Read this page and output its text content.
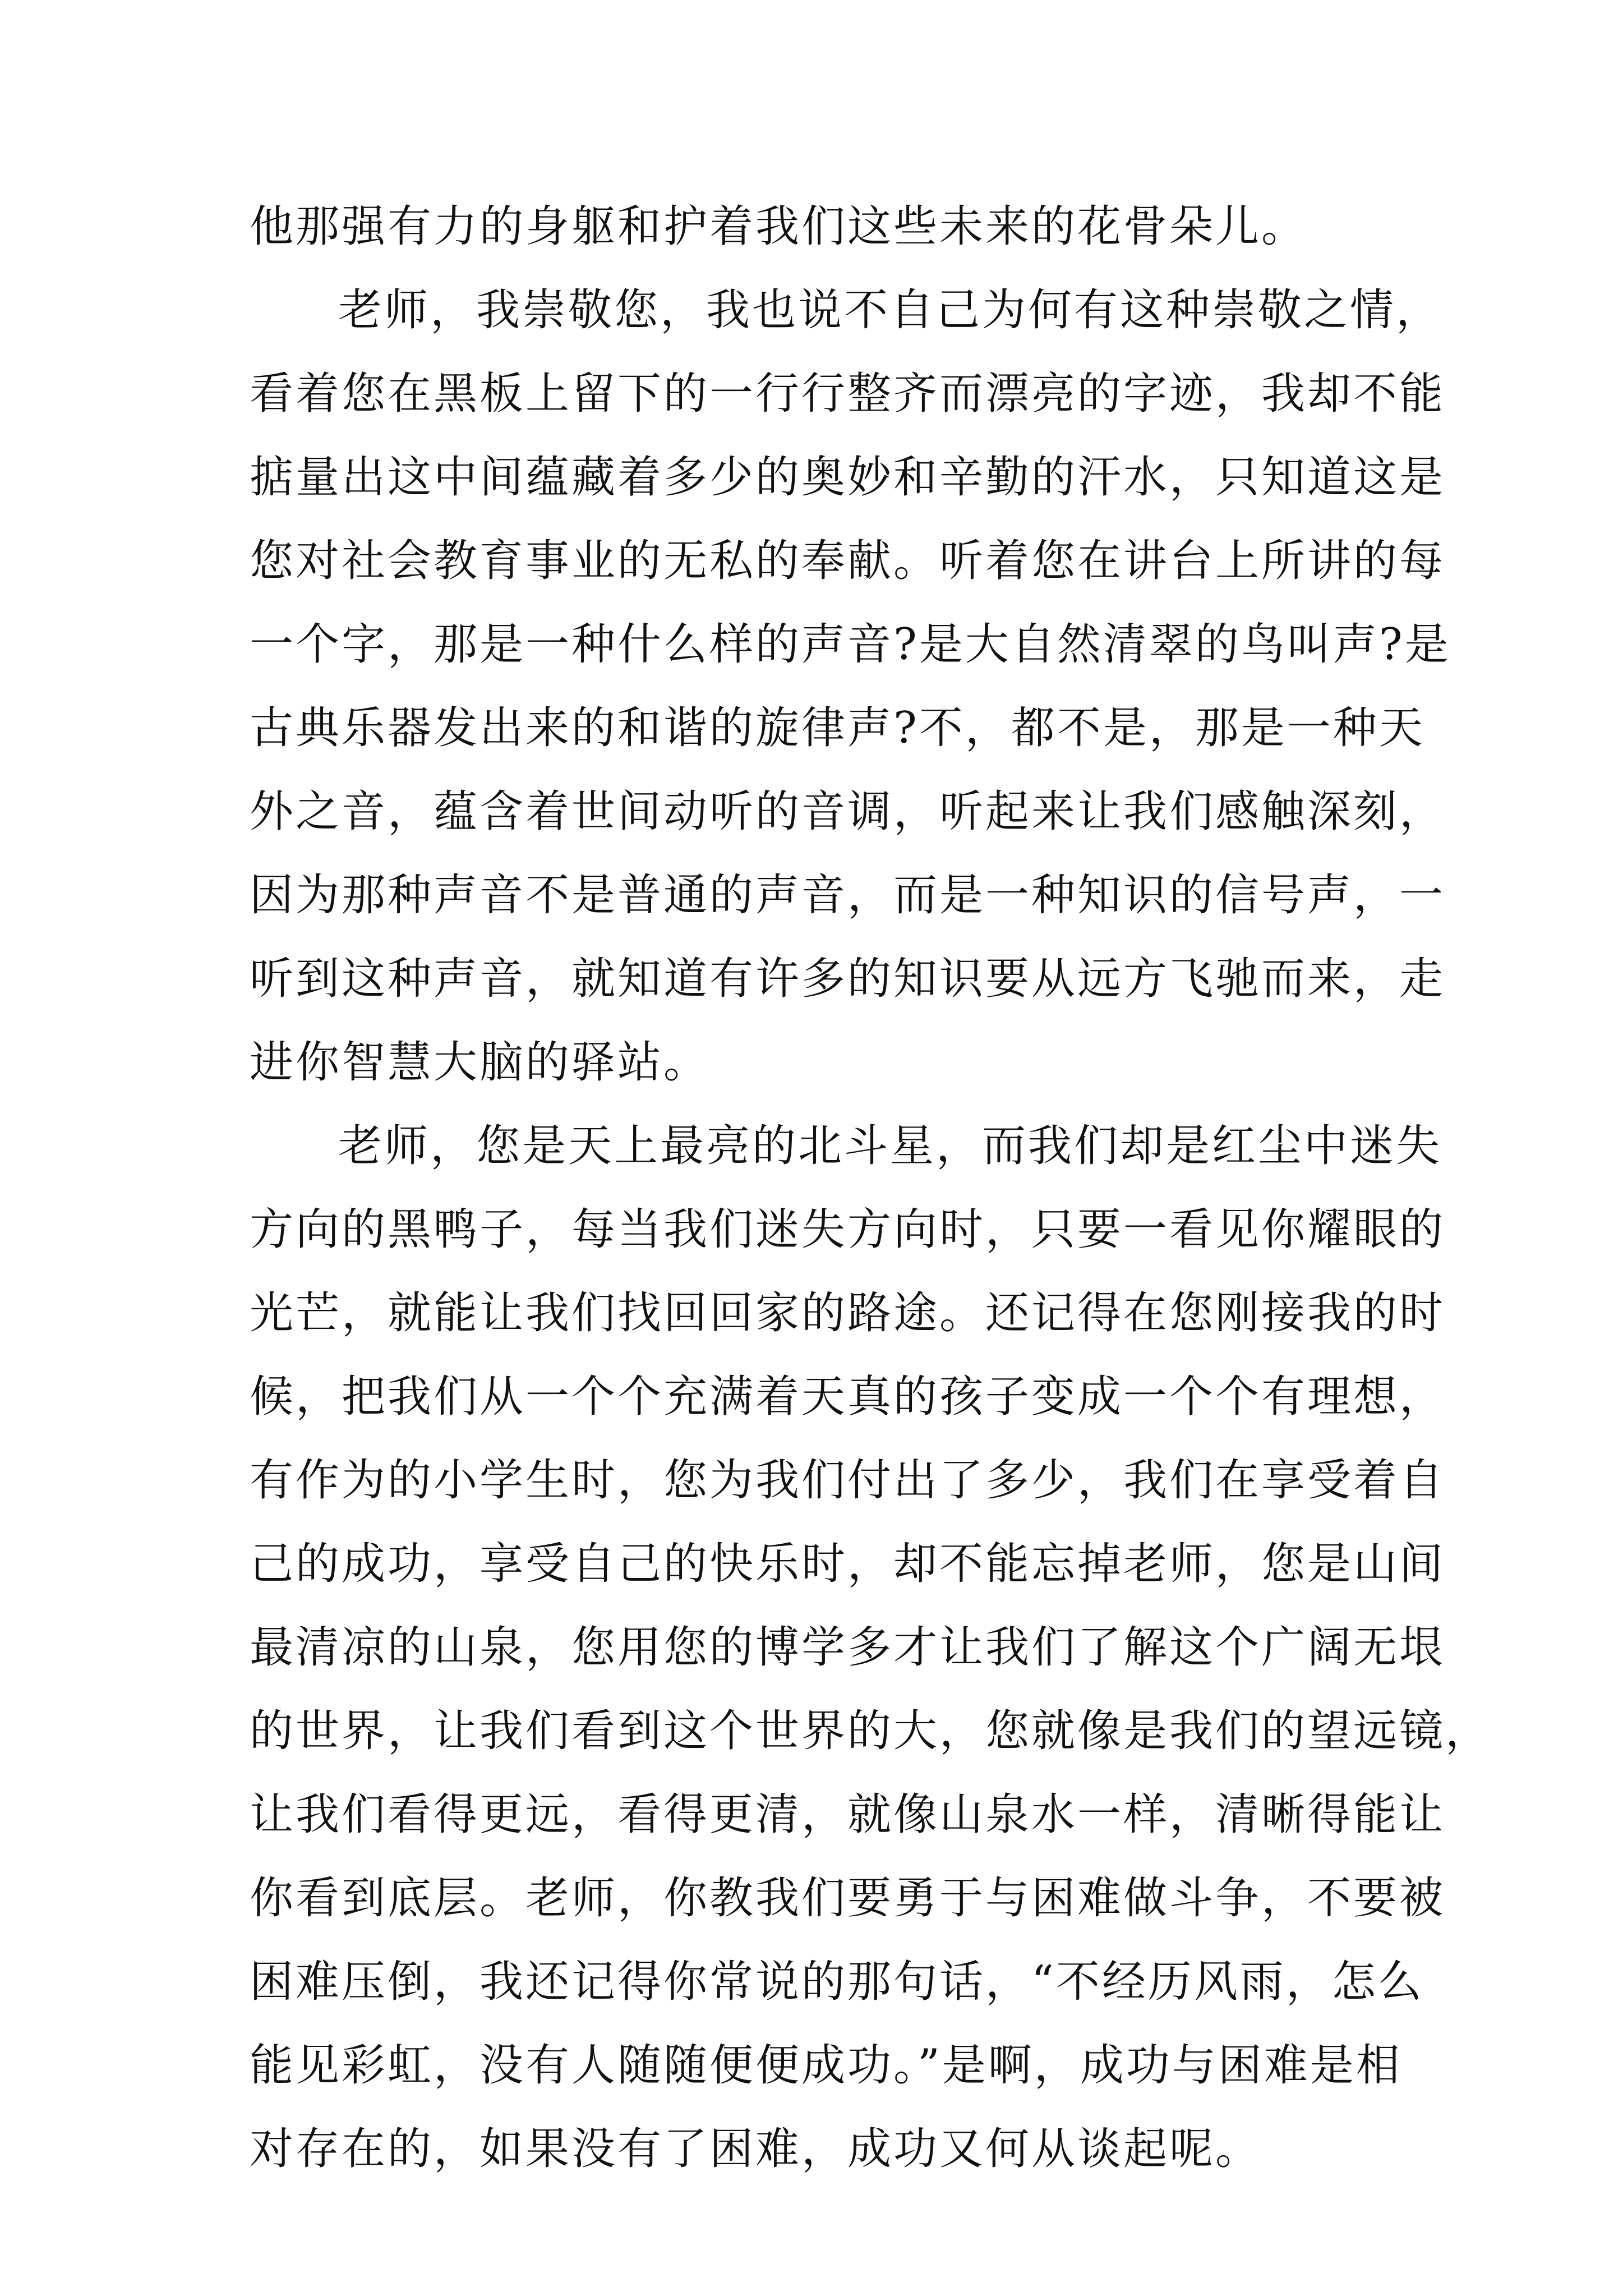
他那强有力的身躯和护着我们这些未来的花骨朵儿。
老师，我崇敬您，我也说不自己为何有这种崇敬之情，
看着您在黑板上留下的一行行整齐而漂亮的字迹，我却不能
掂量出这中间蕴藏着多少的奥妙和辛勤的汗水，只知道这是
您对社会教育事业的无私的奉献。听着您在讲台上所讲的每
一个字，那是一种什么样的声音?是大自然清翠的鸟叫声?是
古典乐器发出来的和谐的旋律声?不，都不是，那是一种天
外之音，蕴含着世间动听的音调，听起来让我们感触深刻，
因为那种声音不是普通的声音，而是一种知识的信号声，一
听到这种声音，就知道有许多的知识要从远方飞驰而来，走
进你智慧大脑的驿站。
老师，您是天上最亮的北斗星，而我们却是红尘中迷失
方向的黑鸭子，每当我们迷失方向时，只要一看见你耀眼的
光芒，就能让我们找回回家的路途。还记得在您刚接我的时
候，把我们从一个个充满着天真的孩子变成一个个有理想，
有作为的小学生时，您为我们付出了多少，我们在享受着自
己的成功，享受自己的快乐时，却不能忘掉老师，您是山间
最清凉的山泉，您用您的博学多才让我们了解这个广阔无垠
的世界，让我们看到这个世界的大，您就像是我们的望远镜，
让我们看得更远，看得更清，就像山泉水一样，清晰得能让
你看到底层。老师，你教我们要勇于与困难做斗争，不要被
困难压倒，我还记得你常说的那句话，“不经历风雨，怎么
能见彩虹，没有人随随便便成功。”是啊，成功与困难是相
对存在的，如果没有了困难，成功又何从谈起呢。
